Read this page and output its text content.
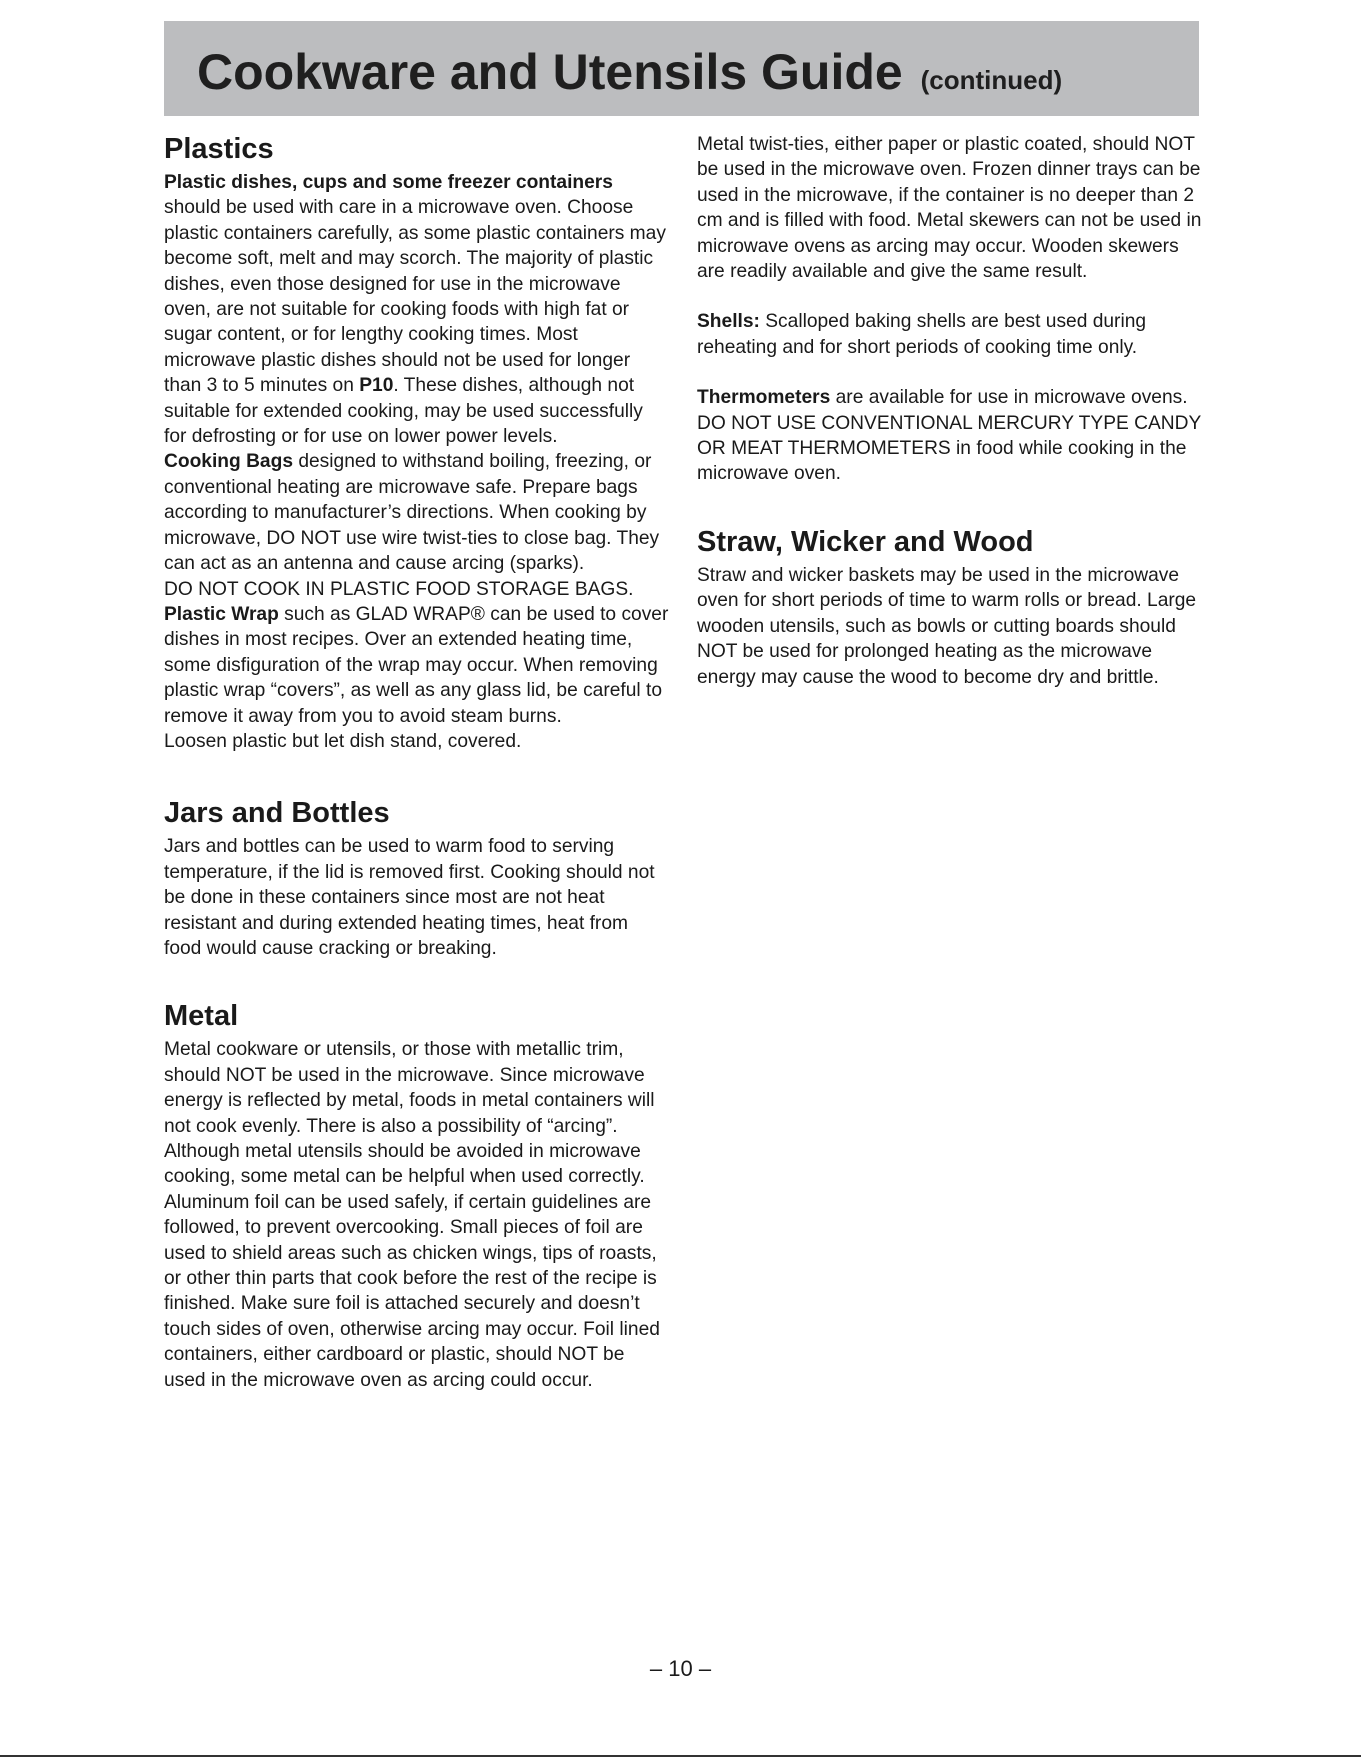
Cookware and Utensils Guide (continued)
Plastics

Plastic dishes, cups and some freezer containers should be used with care in a microwave oven. Choose plastic containers carefully, as some plastic containers may become soft, melt and may scorch. The majority of plastic dishes, even those designed for use in the microwave oven, are not suitable for cooking foods with high fat or sugar content, or for lengthy cooking times. Most microwave plastic dishes should not be used for longer than 3 to 5 minutes on P10. These dishes, although not suitable for extended cooking, may be used successfully for defrosting or for use on lower power levels.

Cooking Bags designed to withstand boiling, freezing, or conventional heating are microwave safe. Prepare bags according to manufacturer’s directions. When cooking by microwave, DO NOT use wire twist-ties to close bag. They can act as an antenna and cause arcing (sparks).

DO NOT COOK IN PLASTIC FOOD STORAGE BAGS.

Plastic Wrap such as GLAD WRAP® can be used to cover dishes in most recipes. Over an extended heating time, some disfiguration of the wrap may occur. When removing plastic wrap “covers”, as well as any glass lid, be careful to remove it away from you to avoid steam burns.

Loosen plastic but let dish stand, covered.

Jars and Bottles

Jars and bottles can be used to warm food to serving temperature, if the lid is removed first. Cooking should not be done in these containers since most are not heat resistant and during extended heating times, heat from food would cause cracking or breaking.

Metal

Metal cookware or utensils, or those with metallic trim, should NOT be used in the microwave. Since microwave energy is reflected by metal, foods in metal containers will not cook evenly. There is also a possibility of “arcing”.

Although metal utensils should be avoided in microwave cooking, some metal can be helpful when used correctly.

Aluminum foil can be used safely, if certain guidelines are followed, to prevent overcooking. Small pieces of foil are used to shield areas such as chicken wings, tips of roasts, or other thin parts that cook before the rest of the recipe is finished. Make sure foil is attached securely and doesn’t touch sides of oven, otherwise arcing may occur. Foil lined containers, either cardboard or plastic, should NOT be used in the microwave oven as arcing could occur.

Metal twist-ties, either paper or plastic coated, should NOT be used in the microwave oven. Frozen dinner trays can be used in the microwave, if the container is no deeper than 2 cm and is filled with food. Metal skewers can not be used in microwave ovens as arcing may occur. Wooden skewers are readily available and give the same result.

Shells: Scalloped baking shells are best used during reheating and for short periods of cooking time only.

Thermometers are available for use in microwave ovens. DO NOT USE CONVENTIONAL MERCURY TYPE CANDY OR MEAT THERMOMETERS in food while cooking in the microwave oven.

Straw, Wicker and Wood

Straw and wicker baskets may be used in the microwave oven for short periods of time to warm rolls or bread. Large wooden utensils, such as bowls or cutting boards should NOT be used for prolonged heating as the microwave energy may cause the wood to become dry and brittle.

– 10 –
